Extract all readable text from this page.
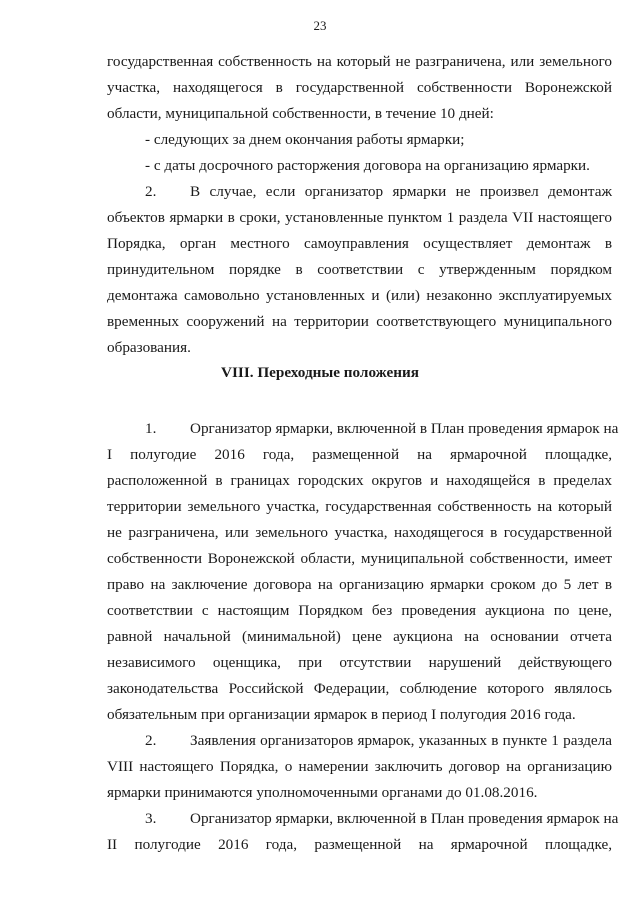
23
государственная собственность на который не разграничена, или земельного
участка, находящегося в государственной собственности Воронежской
области, муниципальной собственности, в течение 10 дней:
- следующих за днем окончания работы ярмарки;
- с даты досрочного расторжения договора на организацию ярмарки.
2. В случае, если организатор ярмарки не произвел демонтаж
объектов ярмарки в сроки, установленные пунктом 1 раздела VII настоящего
Порядка, орган местного самоуправления осуществляет демонтаж в
принудительном порядке в соответствии с утвержденным порядком
демонтажа самовольно установленных и (или) незаконно эксплуатируемых
временных сооружений на территории соответствующего муниципального
образования.
VIII. Переходные положения
1. Организатор ярмарки, включенной в План проведения ярмарок на
I полугодие 2016 года, размещенной на ярмарочной площадке,
расположенной в границах городских округов и находящейся в пределах
территории земельного участка, государственная собственность на который
не разграничена, или земельного участка, находящегося в государственной
собственности Воронежской области, муниципальной собственности, имеет
право на заключение договора на организацию ярмарки сроком до 5 лет в
соответствии с настоящим Порядком без проведения аукциона по цене,
равной начальной (минимальной) цене аукциона на основании отчета
независимого оценщика, при отсутствии нарушений действующего
законодательства Российской Федерации, соблюдение которого являлось
обязательным при организации ярмарок в период I полугодия 2016 года.
2. Заявления организаторов ярмарок, указанных в пункте 1 раздела
VIII настоящего Порядка, о намерении заключить договор на организацию
ярмарки принимаются уполномоченными органами до 01.08.2016.
3. Организатор ярмарки, включенной в План проведения ярмарок на
II полугодие 2016 года, размещенной на ярмарочной площадке,
